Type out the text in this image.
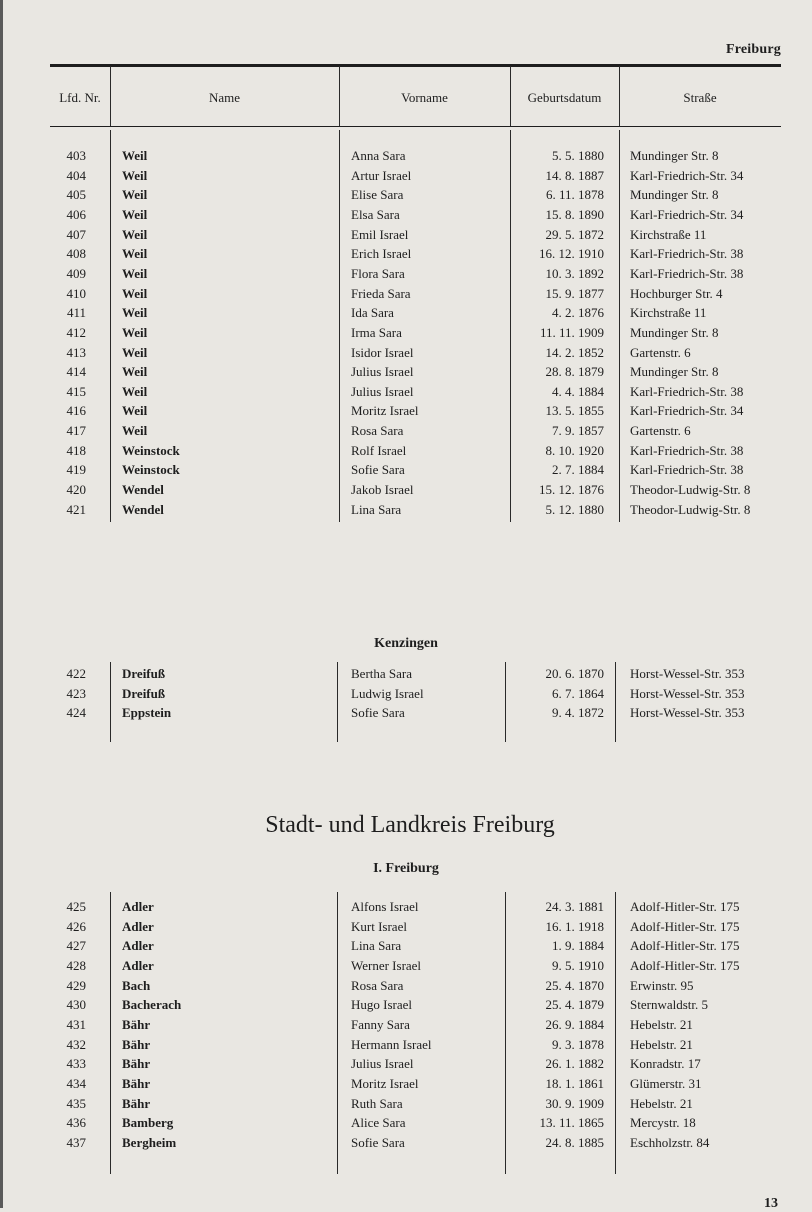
Freiburg
Lfd. Nr.	Name	Vorname	Geburtsdatum	Straße
403	Weil	Anna Sara	5. 5. 1880 Mundinger Str. 8
404	Weil	Artur Israel	14. 8. 1887 Karl-Friedrich-Str. 34
405	Weil	Elise Sara	6. 11. 1878 Mundinger Str. 8
406	Weil	Elsa Sara	15. 8. 1890 Karl-Friedrich-Str. 34
407	Weil	Emil Israel	29. 5. 1872 Kirchstraße 11
408	Weil	Erich Israel	16. 12. 1910 Karl-Friedrich-Str. 38
409	Weil	Flora Sara	10. 3. 1892 Karl-Friedrich-Str. 38
410	Weil	Frieda Sara	15. 9. 1877 Hochburger Str. 4
411	Weil	Ida Sara	4. 2. 1876 Kirchstraße 11
412	Weil	Irma Sara	11. 11. 1909 Mundinger Str. 8
413	Weil	Isidor Israel	14. 2. 1852 Gartenstr. 6
414	Weil	Julius Israel	28. 8. 1879 Mundinger Str. 8
415	Weil	Julius Israel	4. 4. 1884 Karl-Friedrich-Str. 38
416	Weil	Moritz Israel	13. 5. 1855 Karl-Friedrich-Str. 34
417	Weil	Rosa Sara	7. 9. 1857 Gartenstr. 6
418	Weinstock	Rolf Israel	8. 10. 1920 Karl-Friedrich-Str. 38
419	Weinstock	Sofie Sara	2. 7. 1884 Karl-Friedrich-Str. 38
420	Wendel	Jakob Israel	15. 12. 1876 Theodor-Ludwig-Str. 8
421	Wendel	Lina Sara	5. 12. 1880 Theodor-Ludwig-Str. 8
Kenzingen
422	Dreifuß	Bertha Sara	20. 6. 1870 Horst-Wessel-Str. 353
423	Dreifuß	Ludwig Israel	6. 7. 1864 Horst-Wessel-Str. 353
424	Eppstein	Sofie Sara	9. 4. 1872 Horst-Wessel-Str. 353
Stadt- und Landkreis Freiburg
I. Freiburg
425	Adler	Alfons Israel	24. 3. 1881 Adolf-Hitler-Str. 175
426	Adler	Kurt Israel	16. 1. 1918 Adolf-Hitler-Str. 175
427	Adler	Lina Sara	1. 9. 1884 Adolf-Hitler-Str. 175
428	Adler	Werner Israel	9. 5. 1910 Adolf-Hitler-Str. 175
429	Bach	Rosa Sara	25. 4. 1870 Erwinstr. 95
430	Bacherach	Hugo Israel	25. 4. 1879 Sternwaldstr. 5
431	Bähr	Fanny Sara	26. 9. 1884 Hebelstr. 21
432	Bähr	Hermann Israel	9. 3. 1878 Hebelstr. 21
433	Bähr	Julius Israel	26. 1. 1882 Konradstr. 17
434	Bähr	Moritz Israel	18. 1. 1861 Glümerstr. 31
435	Bähr	Ruth Sara	30. 9. 1909 Hebelstr. 21
436	Bamberg	Alice Sara	13. 11. 1865 Mercystr. 18
437	Bergheim	Sofie Sara	24. 8. 1885 Eschholzstr. 84
13
